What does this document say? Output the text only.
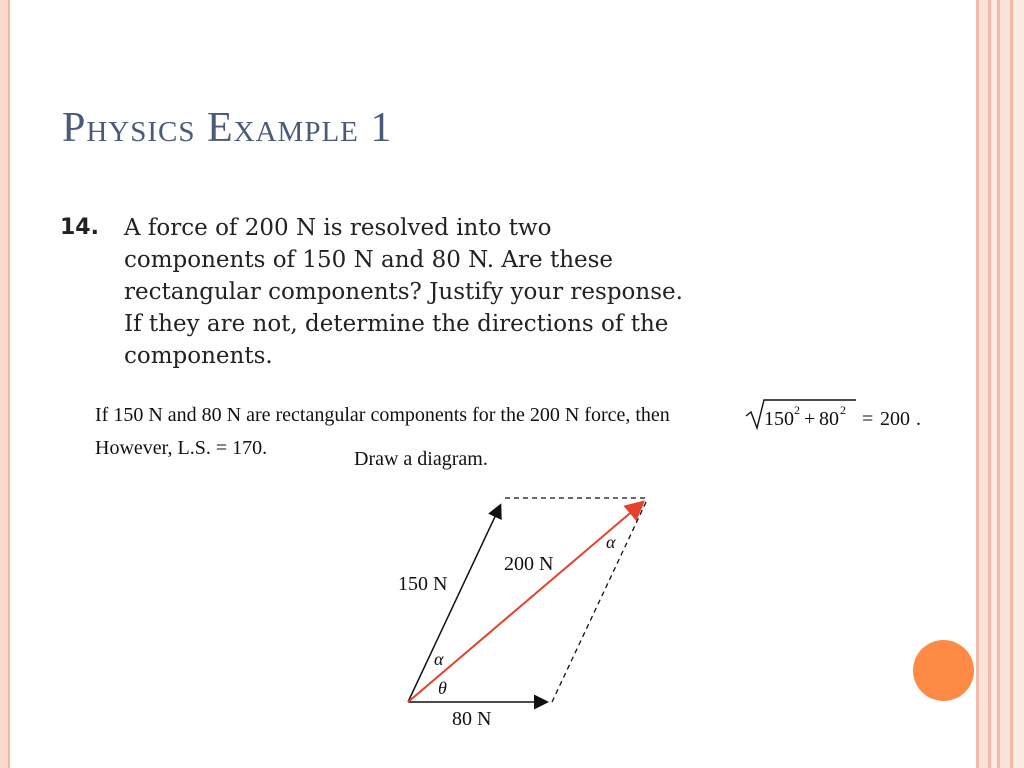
Physics Example 1
14. A force of 200 N is resolved into two
components of 150 N and 80 N. Are these
rectangular components? Justify your response.
If they are not, determine the directions of the
components.
If 150 N and 80 N are rectangular components for the 200 N force, then	150 2 + 80 2 = 200 .
However, L.S. = 170.	Draw a diagram.
200 N
150 N
80 N
α
α
θ
